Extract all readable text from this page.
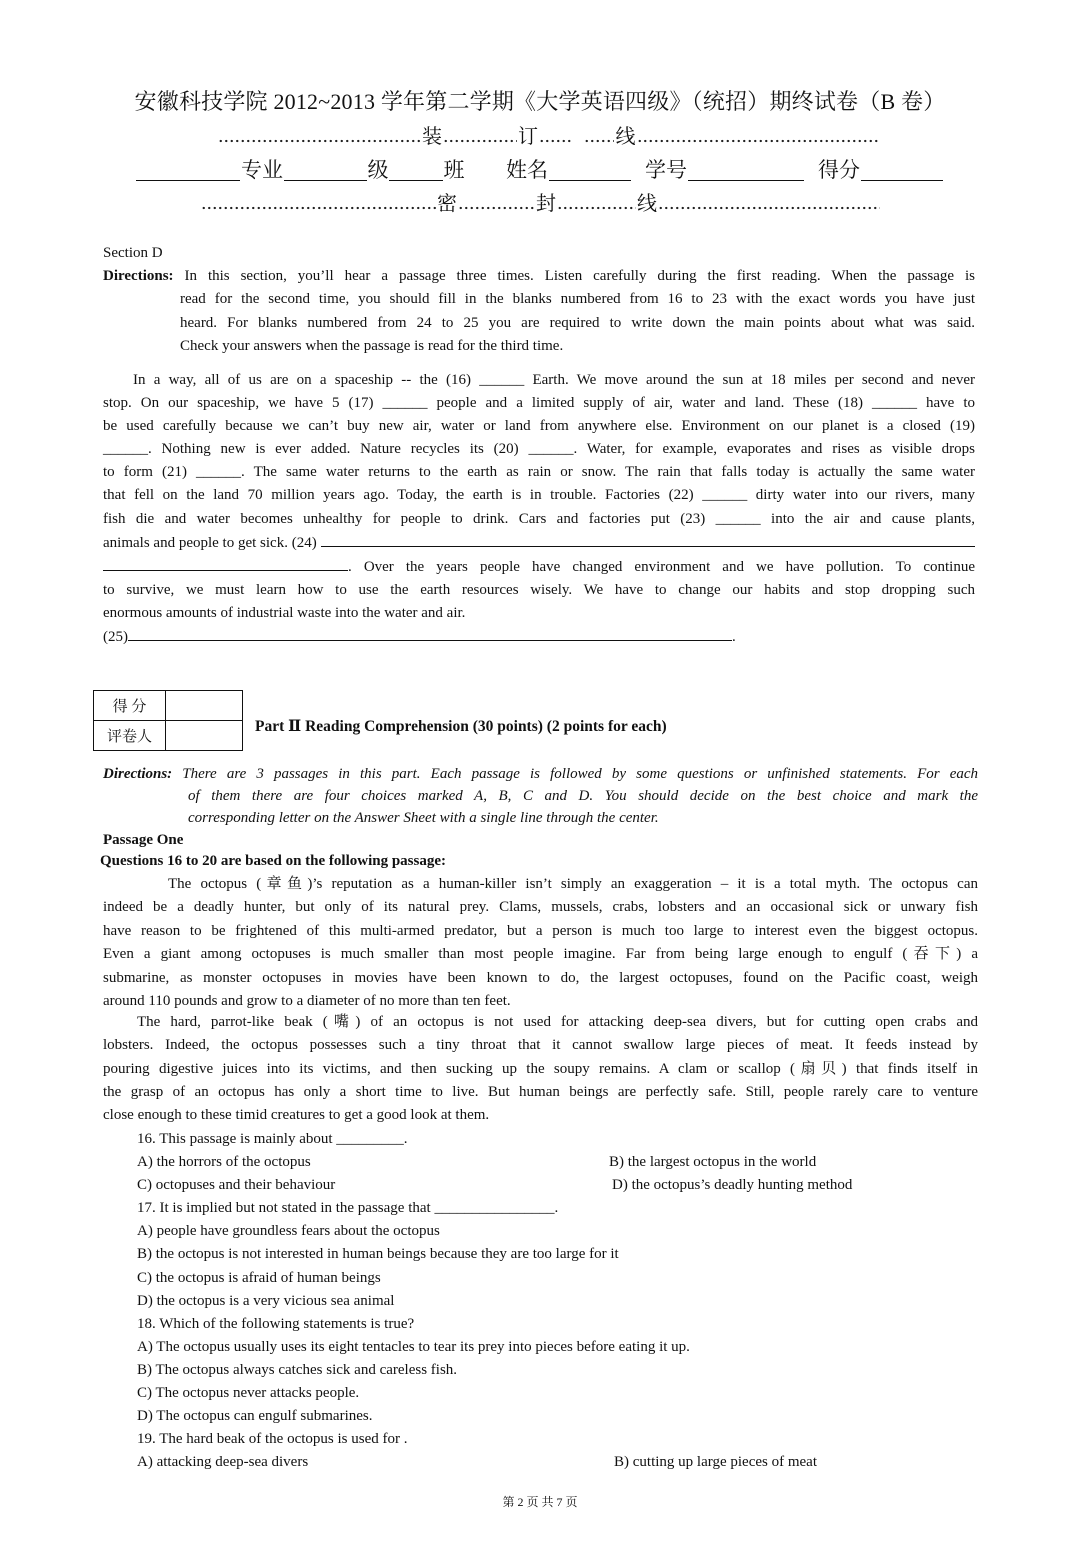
安徽科技学院 2012~2013 学年第二学期《大学英语四级》（统招）期终试卷（B 卷）
装	订	线
专业	级	班 姓名	学号	得分
密	封	线
Section D
Directions: In this section, you’ll hear a passage three times. Listen carefully during the first reading. When the passage is
read for the second time, you should fill in the blanks numbered from 16 to 23 with the exact words you have just
heard. For blanks numbered from 24 to 25 you are required to write down the main points about what was said.
Check your answers when the passage is read for the third time.
In a way, all of us are on a spaceship -- the (16) ______ Earth. We move around the sun at 18 miles per second and never
stop. On our spaceship, we have 5 (17) ______ people and a limited supply of air, water and land. These (18) ______ have to
be used carefully because we can’t buy new air, water or land from anywhere else. Environment on our planet is a closed (19)
______. Nothing new is ever added. Nature recycles its (20) ______. Water, for example, evaporates and rises as visible drops
to form (21) ______. The same water returns to the earth as rain or snow. The rain that falls today is actually the same water
that fell on the land 70 million years ago. Today, the earth is in trouble. Factories (22) ______ dirty water into our rivers, many
fish die and water becomes unhealthy for people to drink. Cars and factories put (23) ______ into the air and cause plants,
animals and people to get sick. (24)
. Over the years people have changed environment and we have pollution. To continue
to survive, we must learn how to use the earth resources wisely. We have to change our habits and stop dropping such
enormous amounts of industrial waste into the water and air.
(25)	.
得 分	
评卷人	
Part Ⅱ Reading Comprehension (30 points) (2 points for each)
Directions: There are 3 passages in this part. Each passage is followed by some questions or unfinished statements. For each
of them there are four choices marked A, B, C and D. You should decide on the best choice and mark the
corresponding letter on the Answer Sheet with a single line through the center.
Passage One
Questions 16 to 20 are based on the following passage:
The octopus (章鱼)’s reputation as a human-killer isn’t simply an exaggeration – it is a total myth. The octopus can
indeed be a deadly hunter, but only of its natural prey. Clams, mussels, crabs, lobsters and an occasional sick or unwary fish
have reason to be frightened of this multi-armed predator, but a person is much too large to interest even the biggest octopus.
Even a giant among octopuses is much smaller than most people imagine. Far from being large enough to engulf (吞下) a
submarine, as monster octopuses in movies have been known to do, the largest octopuses, found on the Pacific coast, weigh
around 110 pounds and grow to a diameter of no more than ten feet.
The hard, parrot-like beak (嘴) of an octopus is not used for attacking deep-sea divers, but for cutting open crabs and
lobsters. Indeed, the octopus possesses such a tiny throat that it cannot swallow large pieces of meat. It feeds instead by
pouring digestive juices into its victims, and then sucking up the soupy remains. A clam or scallop (扇贝) that finds itself in
the grasp of an octopus has only a short time to live. But human beings are perfectly safe. Still, people rarely care to venture
close enough to these timid creatures to get a good look at them.
16. This passage is mainly about _________.
A) the horrors of the octopus	B) the largest octopus in the world
C) octopuses and their behaviour	D) the octopus’s deadly hunting method
17. It is implied but not stated in the passage that ________________.
A) people have groundless fears about the octopus
B) the octopus is not interested in human beings because they are too large for it
C) the octopus is afraid of human beings
D) the octopus is a very vicious sea animal
18. Which of the following statements is true?
A) The octopus usually uses its eight tentacles to tear its prey into pieces before eating it up.
B) The octopus always catches sick and careless fish.
C) The octopus never attacks people.
D) The octopus can engulf submarines.
19. The hard beak of the octopus is used for .
A) attacking deep-sea divers	B) cutting up large pieces of meat
第 2 页 共 7 页
